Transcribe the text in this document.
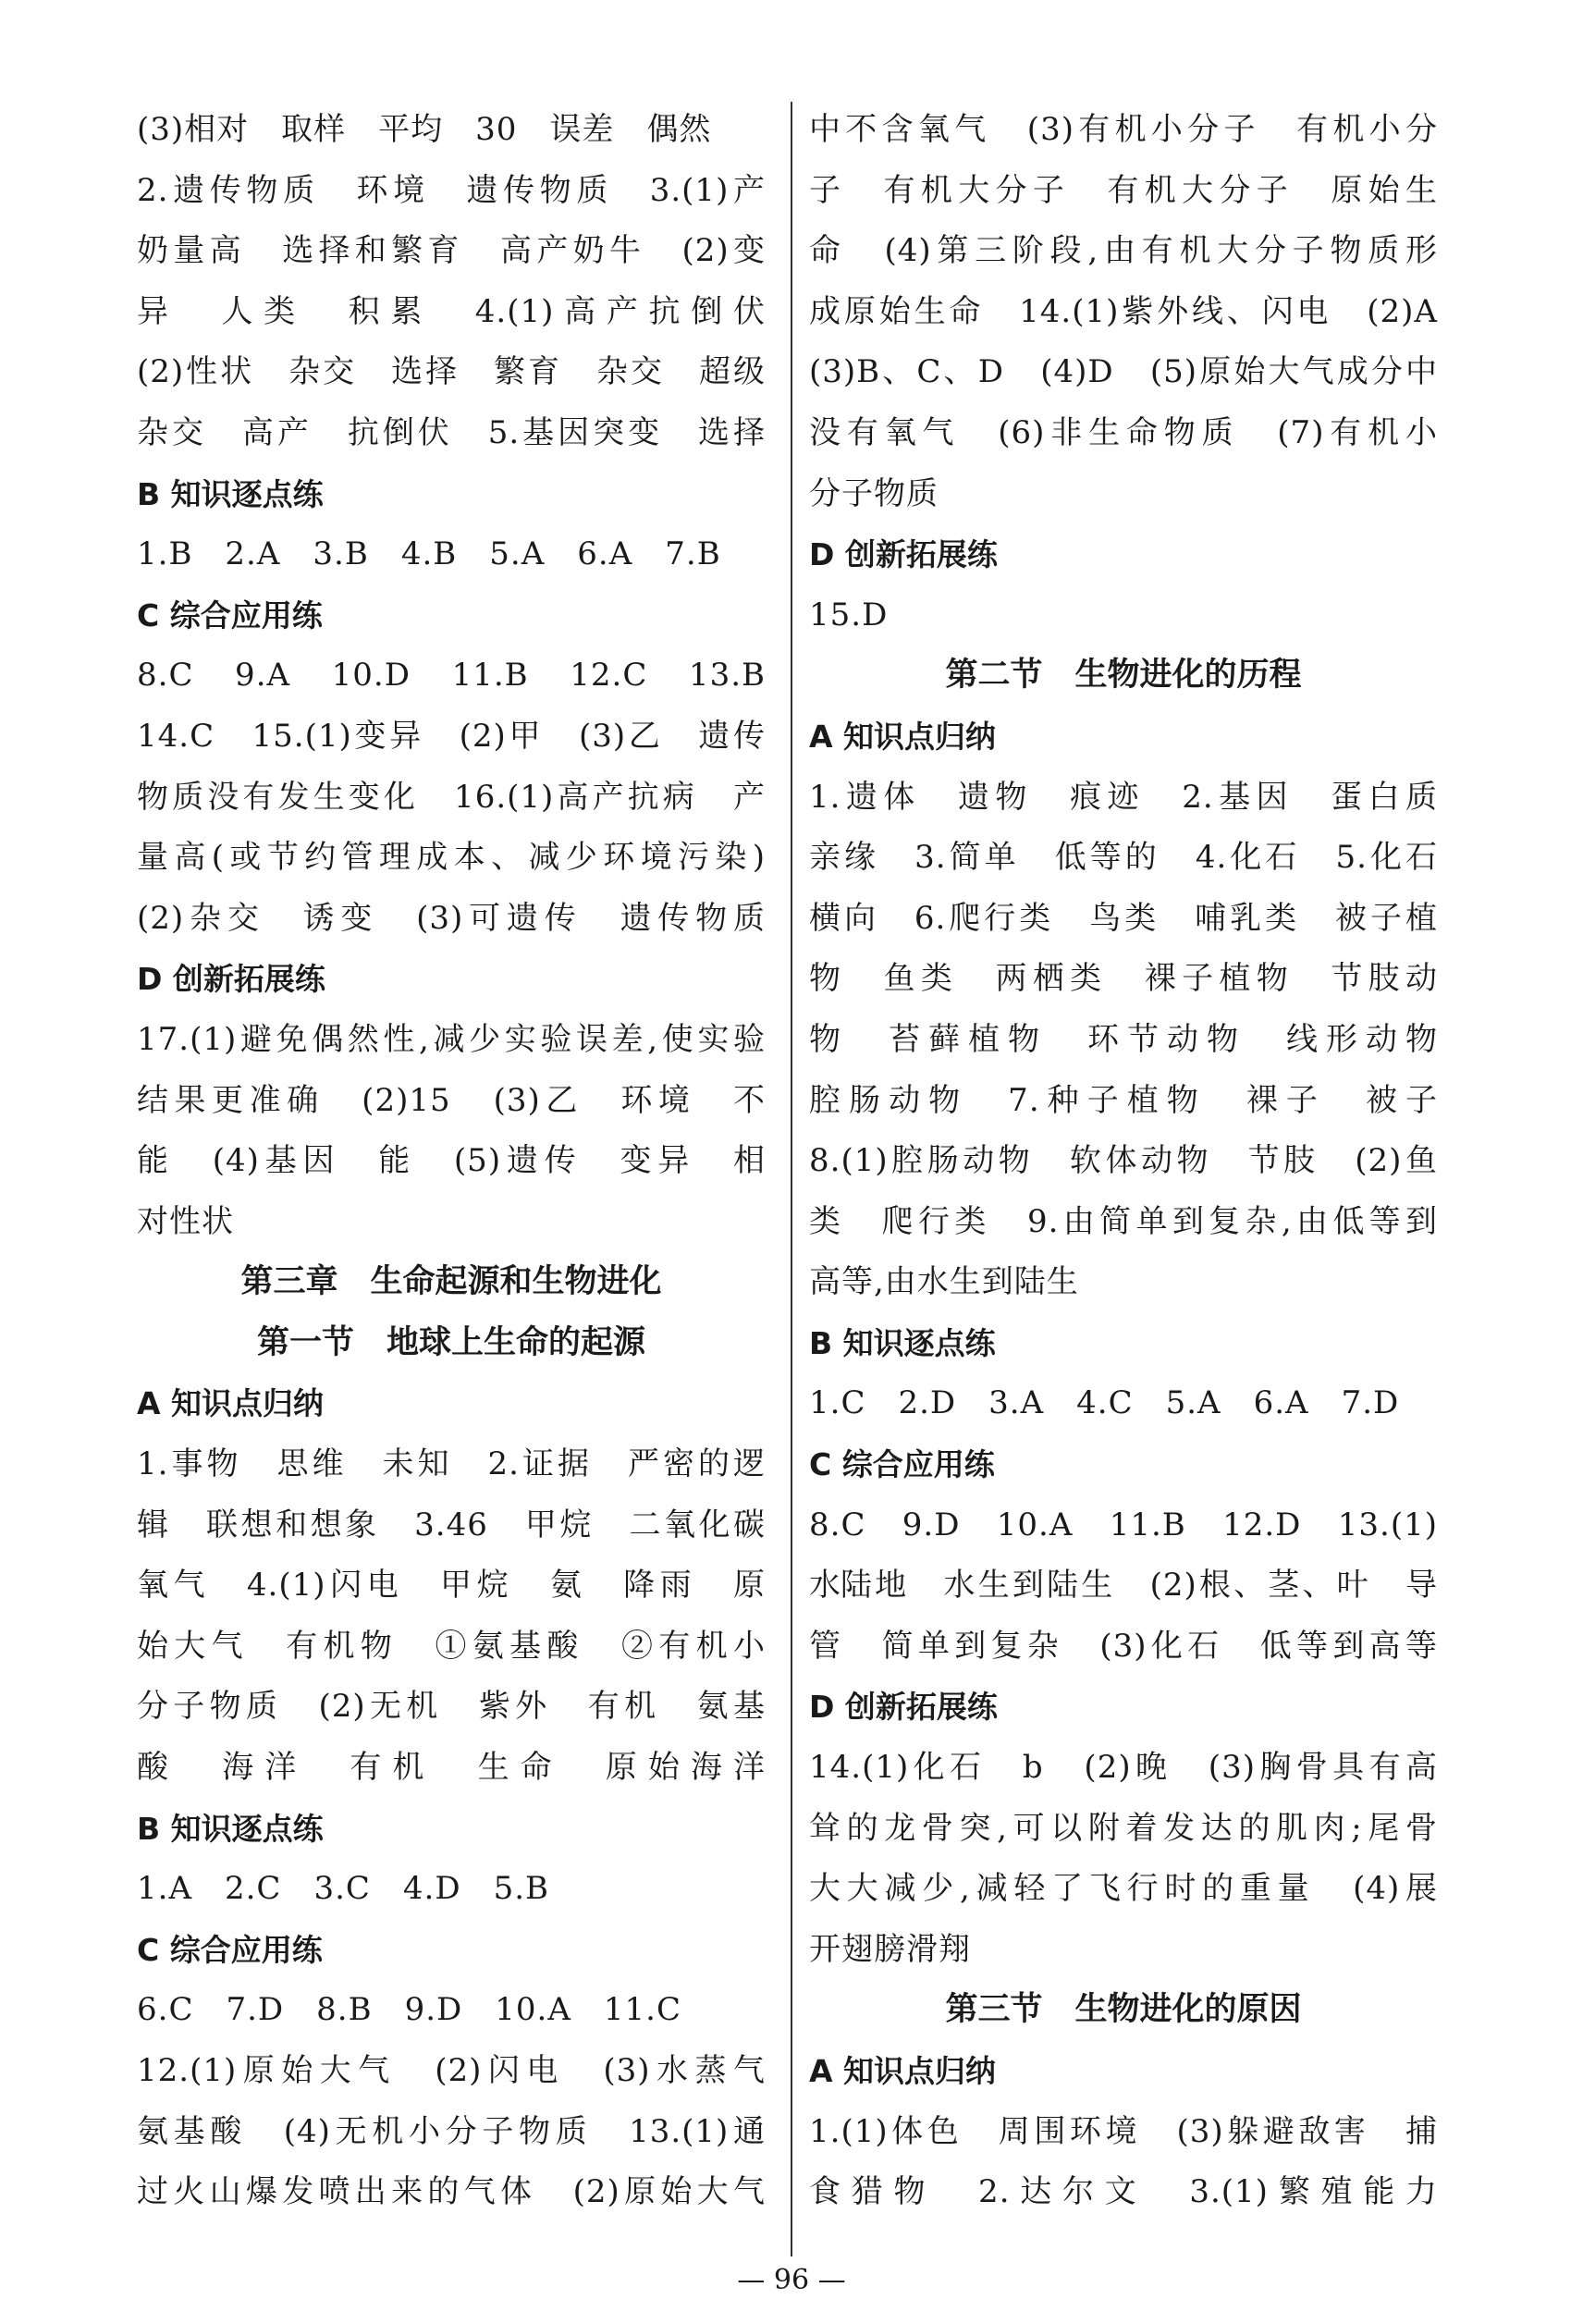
(3)相对　取样　平均　30　误差　偶然
2.遗传物质　环境　遗传物质　3.(1)产
奶量高　选择和繁育　高产奶牛　(2)变
异　人类　积累　4.(1)高产抗倒伏
(2)性状　杂交　选择　繁育　杂交　超级
杂交　高产　抗倒伏　5.基因突变　选择
B 知识逐点练
1.B　2.A　3.B　4.B　5.A　6.A　7.B
C 综合应用练
8.C　9.A　10.D　11.B　12.C　13.B
14.C　15.(1)变异　(2)甲　(3)乙　遗传
物质没有发生变化　16.(1)高产抗病　产
量高(或节约管理成本、减少环境污染)
(2)杂交　诱变　(3)可遗传　遗传物质
D 创新拓展练
17.(1)避免偶然性,减少实验误差,使实验
结果更准确　(2)15　(3)乙　环境　不
能　(4)基因　能　(5)遗传　变异　相
对性状
第三章　生命起源和生物进化
第一节　地球上生命的起源
A 知识点归纳
1.事物　思维　未知　2.证据　严密的逻
辑　联想和想象　3.46　甲烷　二氧化碳
氧气　4.(1)闪电　甲烷　氨　降雨　原
始大气　有机物　①氨基酸　②有机小
分子物质　(2)无机　紫外　有机　氨基
酸　海洋　有机　生命　原始海洋
B 知识逐点练
1.A　2.C　3.C　4.D　5.B
C 综合应用练
6.C　7.D　8.B　9.D　10.A　11.C
12.(1)原始大气　(2)闪电　(3)水蒸气
氨基酸　(4)无机小分子物质　13.(1)通
过火山爆发喷出来的气体　(2)原始大气
中不含氧气　(3)有机小分子　有机小分
子　有机大分子　有机大分子　原始生
命　(4)第三阶段,由有机大分子物质形
成原始生命　14.(1)紫外线、闪电　(2)A
(3)B、C、D　(4)D　(5)原始大气成分中
没有氧气　(6)非生命物质　(7)有机小
分子物质
D 创新拓展练
15.D
第二节　生物进化的历程
A 知识点归纳
1.遗体　遗物　痕迹　2.基因　蛋白质
亲缘　3.简单　低等的　4.化石　5.化石
横向　6.爬行类　鸟类　哺乳类　被子植
物　鱼类　两栖类　裸子植物　节肢动
物　苔藓植物　环节动物　线形动物
腔肠动物　7.种子植物　裸子　被子
8.(1)腔肠动物　软体动物　节肢　(2)鱼
类　爬行类　9.由简单到复杂,由低等到
高等,由水生到陆生
B 知识逐点练
1.C　2.D　3.A　4.C　5.A　6.A　7.D
C 综合应用练
8.C　9.D　10.A　11.B　12.D　13.(1)水 陆地　水生到陆生　(2)根、茎、叶　导
管　简单到复杂　(3)化石　低等到高等
D 创新拓展练
14.(1)化石　b　(2)晚　(3)胸骨具有高
耸的龙骨突,可以附着发达的肌肉;尾骨
大大减少,减轻了飞行时的重量　(4)展
开翅膀滑翔
第三节　生物进化的原因
A 知识点归纳
1.(1)体色　周围环境　(3)躲避敌害　捕
食猎物　2.达尔文　3.(1)繁殖能力
— 96 —
